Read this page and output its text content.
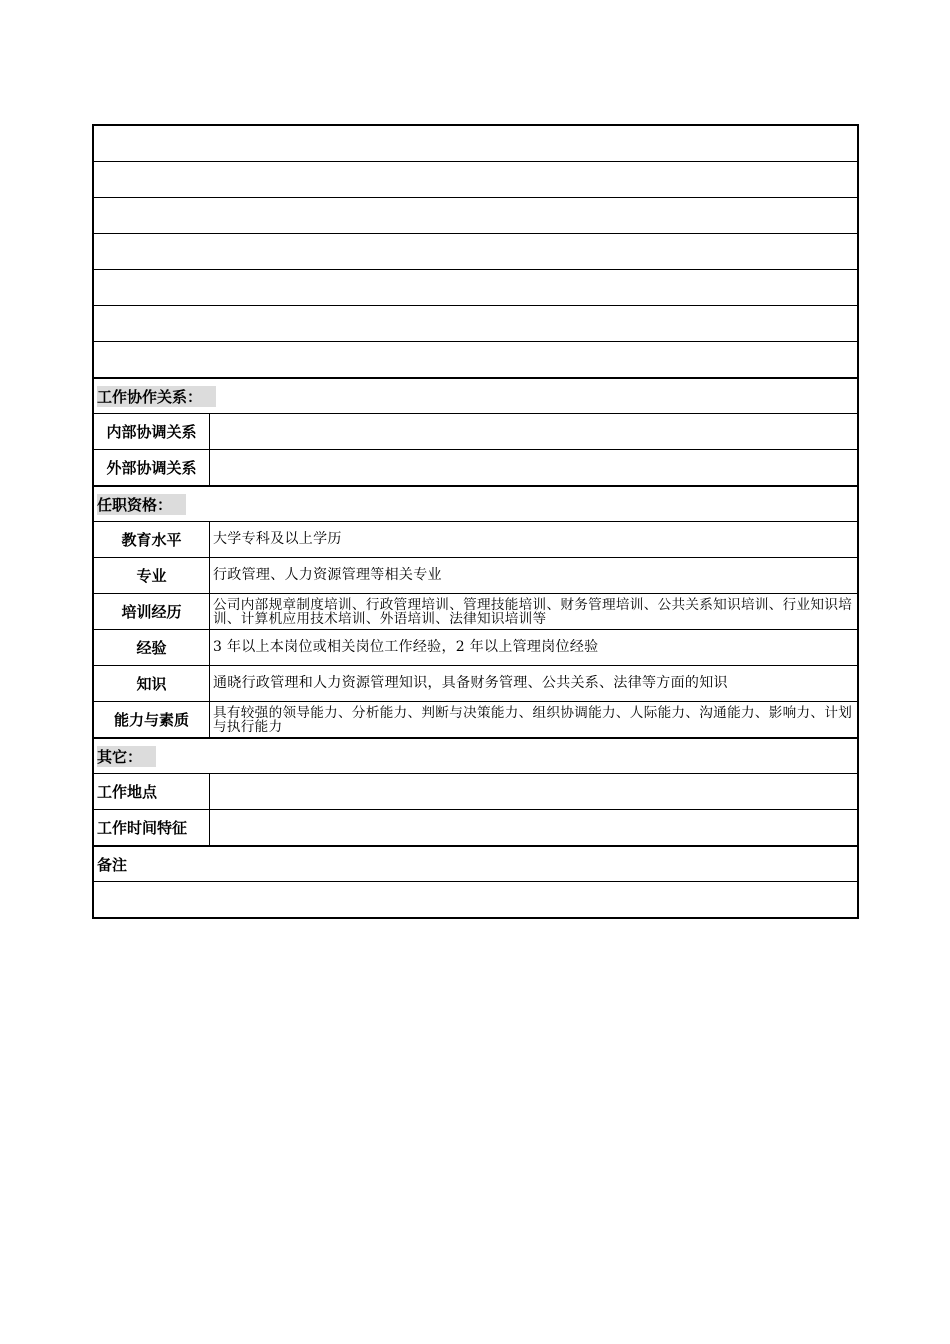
工作协作关系：
内部协调关系
外部协调关系
任职资格：
教育水平	大学专科及以上学历
专业	行政管理、人力资源管理等相关专业
培训经历	公司内部规章制度培训、行政管理培训、管理技能培训、财务管理培训、公共关系知识培训、行业知识培训、计算机应用技术培训、外语培训、法律知识培训等
经验	3 年以上本岗位或相关岗位工作经验，2 年以上管理岗位经验
知识	通晓行政管理和人力资源管理知识，具备财务管理、公共关系、法律等方面的知识
能力与素质	具有较强的领导能力、分析能力、判断与决策能力、组织协调能力、人际能力、沟通能力、影响力、计划与执行能力
其它：
工作地点
工作时间特征
备注
